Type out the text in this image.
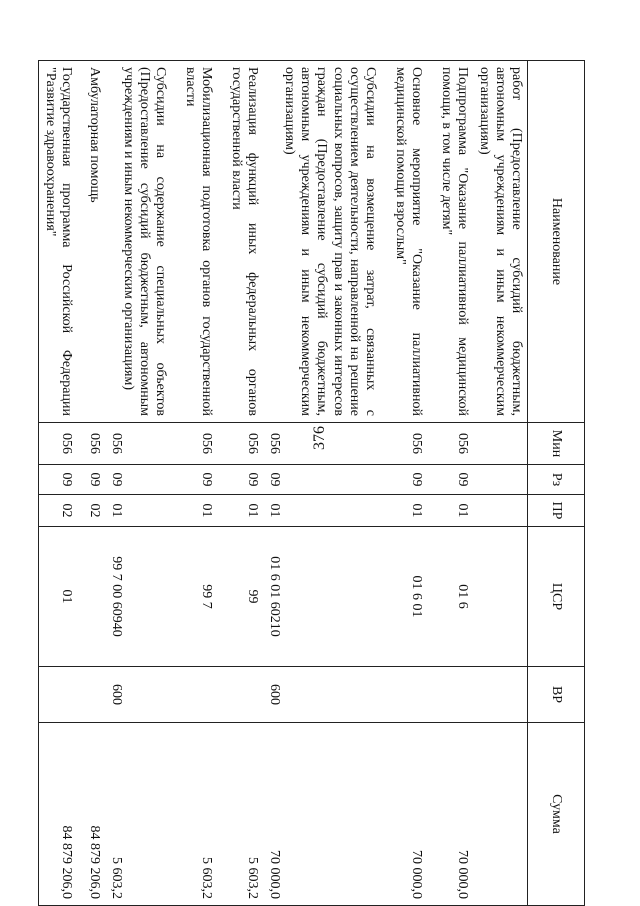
376
Наименование	Мин	Рз	ПР	ЦСР	ВР	Сумма
работ (Предоставление субсидий бюджетным, автономным учреждениям и иным некоммерческим организациям)						
Подпрограмма "Оказание паллиативной медицинской помощи, в том числе детям"	056	09	01	01 6		70 000,0
Основное мероприятие "Оказание паллиативной медицинской помощи взрослым"	056	09	01	01 6 01		70 000,0
Субсидии на возмещение затрат, связанных с осуществлением деятельности, направленной на решение социальных вопросов, защиту прав и законных интересов граждан (Предоставление субсидий бюджетным, автономным учреждениям и иным некоммерческим организациям)	056	09	01	01 6 01 60210	600	70 000,0
Реализация функций иных федеральных органов государственной власти	056	09	01	99		5 603,2
Мобилизационная подготовка органов государственной власти	056	09	01	99 7		5 603,2
Субсидии на содержание специальных объектов (Предоставление субсидий бюджетным, автономным учреждениям и иным некоммерческим организациям)	056	09	01	99 7 00 60940	600	5 603,2
Амбулаторная помощь	056	09	02			84 879 206,0
Государственная программа Российской Федерации "Развитие здравоохранения"	056	09	02	01		84 879 206,0
